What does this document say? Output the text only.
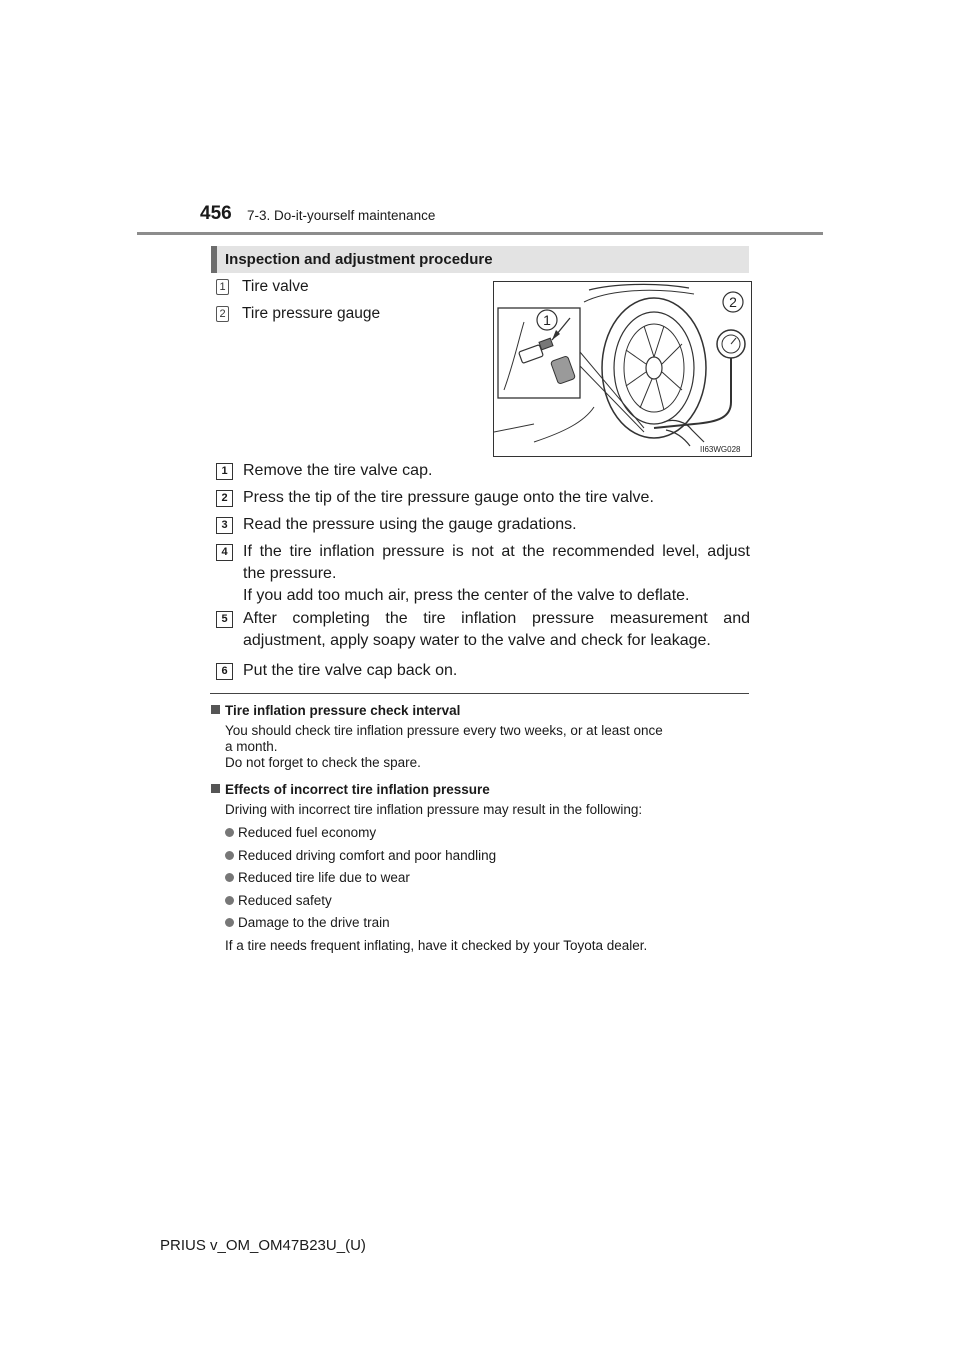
456 7-3. Do-it-yourself maintenance
Inspection and adjustment procedure
1 Tire valve
2 Tire pressure gauge	1
2
II63WG028
1 Remove the tire valve cap.
2 Press the tip of the tire pressure gauge onto the tire valve.
3 Read the pressure using the gauge gradations.
4 If the tire inflation pressure is not at the recommended level, adjust
the pressure.
If you add too much air, press the center of the valve to deflate.
5 After completing the tire inflation pressure measurement and
adjustment, apply soapy water to the valve and check for leakage.
6 Put the tire valve cap back on.
Tire inflation pressure check interval
You should check tire inflation pressure every two weeks, or at least once
a month.
Do not forget to check the spare.
Effects of incorrect tire inflation pressure
Driving with incorrect tire inflation pressure may result in the following:
Reduced fuel economy
Reduced driving comfort and poor handling
Reduced tire life due to wear
Reduced safety
Damage to the drive train
If a tire needs frequent inflating, have it checked by your Toyota dealer.
PRIUS v_OM_OM47B23U_(U)
